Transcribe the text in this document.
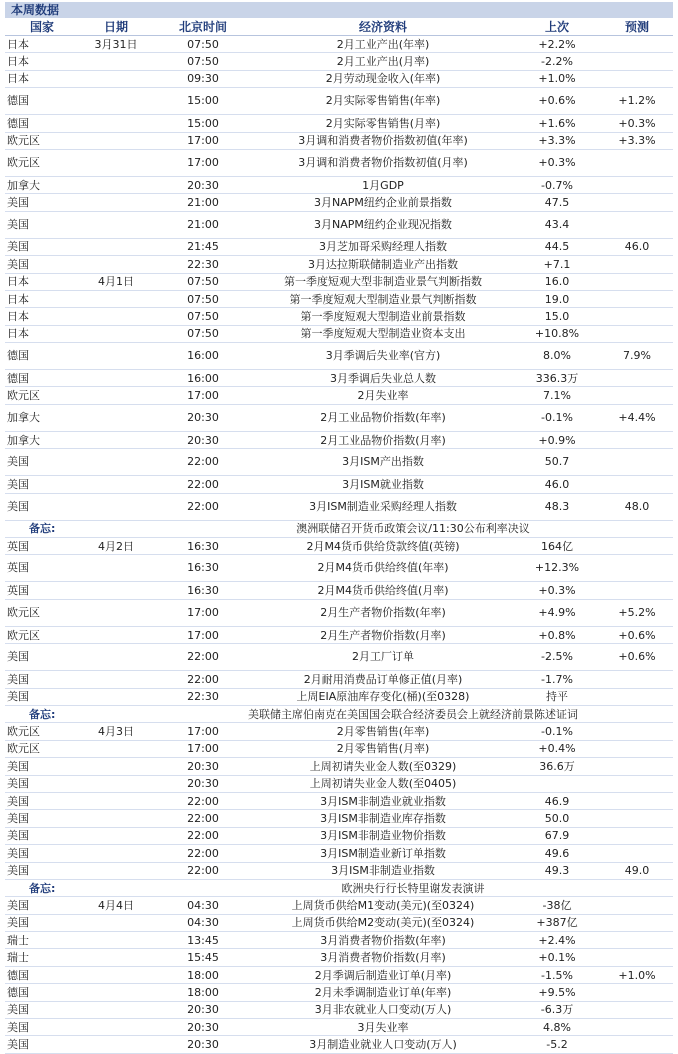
本周数据
国家	日期	北京时间	经济资料	上次	预测
日本	3月31日	07:50	2月工业产出(年率)	+2.2%	
日本		07:50	2月工业产出(月率)	-2.2%	
日本		09:30	2月劳动现金收入(年率)	+1.0%	
德国		15:00	2月实际零售销售(年率)	+0.6%	+1.2%
德国		15:00	2月实际零售销售(月率)	+1.6%	+0.3%
欧元区		17:00	3月调和消费者物价指数初值(年率)	+3.3%	+3.3%
欧元区		17:00	3月调和消费者物价指数初值(月率)	+0.3%	
加拿大		20:30	1月GDP	-0.7%	
美国		21:00	3月NAPM纽约企业前景指数	47.5	
美国		21:00	3月NAPM纽约企业现况指数	43.4	
美国		21:45	3月芝加哥采购经理人指数	44.5	46.0
美国		22:30	3月达拉斯联储制造业产出指数	+7.1	
日本	4月1日	07:50	第一季度短观大型非制造业景气判断指数	16.0	
日本		07:50	第一季度短观大型制造业景气判断指数	19.0	
日本		07:50	第一季度短观大型制造业前景指数	15.0	
日本		07:50	第一季度短观大型制造业资本支出	+10.8%	
德国		16:00	3月季调后失业率(官方)	8.0%	7.9%
德国		16:00	3月季调后失业总人数	336.3万	
欧元区		17:00	2月失业率	7.1%	
加拿大		20:30	2月工业品物价指数(年率)	-0.1%	+4.4%
加拿大		20:30	2月工业品物价指数(月率)	+0.9%	
美国		22:00	3月ISM产出指数	50.7	
美国		22:00	3月ISM就业指数	46.0	
美国		22:00	3月ISM制造业采购经理人指数	48.3	48.0
备忘:		澳洲联储召开货币政策会议/11:30公布利率决议			
英国	4月2日	16:30	2月M4货币供给贷款终值(英镑)	164亿	
英国		16:30	2月M4货币供给终值(年率)	+12.3%	
英国		16:30	2月M4货币供给终值(月率)	+0.3%	
欧元区		17:00	2月生产者物价指数(年率)	+4.9%	+5.2%
欧元区		17:00	2月生产者物价指数(月率)	+0.8%	+0.6%
美国		22:00	2月工厂订单	-2.5%	+0.6%
美国		22:00	2月耐用消费品订单修正值(月率)	-1.7%	
美国		22:30	上周EIA原油库存变化(桶)(至0328)	持平	
备忘:		美联储主席伯南克在美国国会联合经济委员会上就经济前景陈述证词			
欧元区	4月3日	17:00	2月零售销售(年率)	-0.1%	
欧元区		17:00	2月零售销售(月率)	+0.4%	
美国		20:30	上周初请失业金人数(至0329)	36.6万	
美国		20:30	上周初请失业金人数(至0405)		
美国		22:00	3月ISM非制造业就业指数	46.9	
美国		22:00	3月ISM非制造业库存指数	50.0	
美国		22:00	3月ISM非制造业物价指数	67.9	
美国		22:00	3月ISM制造业新订单指数	49.6	
美国		22:00	3月ISM非制造业指数	49.3	49.0
备忘:		欧洲央行行长特里谢发表演讲			
美国	4月4日	04:30	上周货币供给M1变动(美元)(至0324)	-38亿	
美国		04:30	上周货币供给M2变动(美元)(至0324)	+387亿	
瑞士		13:45	3月消费者物价指数(年率)	+2.4%	
瑞士		15:45	3月消费者物价指数(月率)	+0.1%	
德国		18:00	2月季调后制造业订单(月率)	-1.5%	+1.0%
德国		18:00	2月未季调制造业订单(年率)	+9.5%	
美国		20:30	3月非农就业人口变动(万人)	-6.3万	
美国		20:30	3月失业率	4.8%	
美国		20:30	3月制造业就业人口变动(万人)	-5.2	
